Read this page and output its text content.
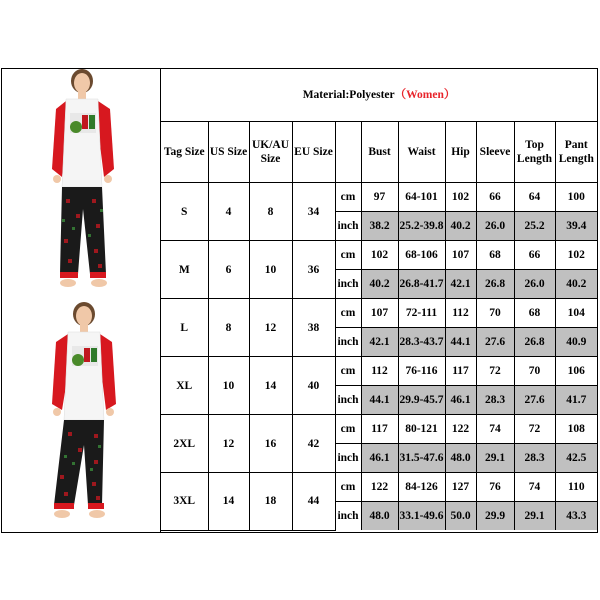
Material:Polyester（Women）										
Tag Size	US Size	UK/AU Size	EU Size		Bust	Waist	Hip	Sleeve	Top Length	Pant Length
S	4	8	34	cm	97	64-101	102	66	64	100
				inch	38.2	25.2-39.8	40.2	26.0	25.2	39.4
M	6	10	36	cm	102	68-106	107	68	66	102
				inch	40.2	26.8-41.7	42.1	26.8	26.0	40.2
L	8	12	38	cm	107	72-111	112	70	68	104
				inch	42.1	28.3-43.7	44.1	27.6	26.8	40.9
XL	10	14	40	cm	112	76-116	117	72	70	106
				inch	44.1	29.9-45.7	46.1	28.3	27.6	41.7
2XL	12	16	42	cm	117	80-121	122	74	72	108
				inch	46.1	31.5-47.6	48.0	29.1	28.3	42.5
3XL	14	18	44	cm	122	84-126	127	76	74	110
				inch	48.0	33.1-49.6	50.0	29.9	29.1	43.3
